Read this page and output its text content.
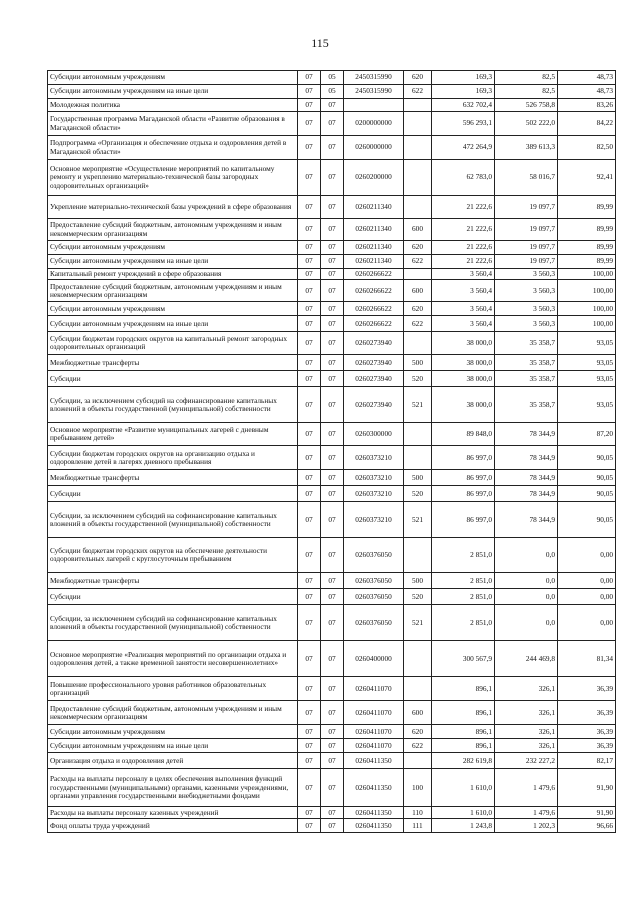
115
Субсидии автономным учреждениям	07	05	2450315990	620	169,3	82,5	48,73
Субсидии автономным учреждениям на иные цели	07	05	2450315990	622	169,3	82,5	48,73
Молодежная политика	07	07			632 702,4	526 758,8	83,26
Государственная программа Магаданской области «Развитие образования в Магаданской области»	07	07	0200000000		596 293,1	502 222,0	84,22
Подпрограмма «Организация и обеспечение отдыха и оздоровления детей в Магаданской области»	07	07	0260000000		472 264,9	389 613,3	82,50
Основное мероприятие «Осуществление мероприятий по капитальному ремонту и укреплению материально-технической базы загородных оздоровительных организаций»	07	07	0260200000		62 783,0	58 016,7	92,41
Укрепление материально-технической базы учреждений в сфере образования	07	07	0260211340		21 222,6	19 097,7	89,99
Предоставление субсидий бюджетным, автономным учреждениям и иным некоммерческим организациям	07	07	0260211340	600	21 222,6	19 097,7	89,99
Субсидии автономным учреждениям	07	07	0260211340	620	21 222,6	19 097,7	89,99
Субсидии автономным учреждениям на иные цели	07	07	0260211340	622	21 222,6	19 097,7	89,99
Капитальный ремонт учреждений в сфере образования	07	07	0260266622		3 560,4	3 560,3	100,00
Предоставление субсидий бюджетным, автономным учреждениям и иным некоммерческим организациям	07	07	0260266622	600	3 560,4	3 560,3	100,00
Субсидии автономным учреждениям	07	07	0260266622	620	3 560,4	3 560,3	100,00
Субсидии автономным учреждениям на иные цели	07	07	0260266622	622	3 560,4	3 560,3	100,00
Субсидии бюджетам городских округов на капитальный ремонт загородных оздоровительных организаций	07	07	0260273940		38 000,0	35 358,7	93,05
Межбюджетные трансферты	07	07	0260273940	500	38 000,0	35 358,7	93,05
Субсидии	07	07	0260273940	520	38 000,0	35 358,7	93,05
Субсидии, за исключением субсидий на софинансирование капитальных вложений в объекты государственной (муниципальной) собственности	07	07	0260273940	521	38 000,0	35 358,7	93,05
Основное мероприятие «Развитие муниципальных лагерей с дневным пребыванием детей»	07	07	0260300000		89 848,0	78 344,9	87,20
Субсидии бюджетам городских округов на организацию отдыха и оздоровление детей в лагерях дневного пребывания	07	07	0260373210		86 997,0	78 344,9	90,05
Межбюджетные трансферты	07	07	0260373210	500	86 997,0	78 344,9	90,05
Субсидии	07	07	0260373210	520	86 997,0	78 344,9	90,05
Субсидии, за исключением субсидий на софинансирование капитальных вложений в объекты государственной (муниципальной) собственности	07	07	0260373210	521	86 997,0	78 344,9	90,05
Субсидии бюджетам городских округов на обеспечение деятельности оздоровительных лагерей с круглосуточным пребыванием	07	07	0260376050		2 851,0	0,0	0,00
Межбюджетные трансферты	07	07	0260376050	500	2 851,0	0,0	0,00
Субсидии	07	07	0260376050	520	2 851,0	0,0	0,00
Субсидии, за исключением субсидий на софинансирование капитальных вложений в объекты государственной (муниципальной) собственности	07	07	0260376050	521	2 851,0	0,0	0,00
Основное мероприятие «Реализация мероприятий по организации отдыха и оздоровления детей, а также временной занятости несовершеннолетних»	07	07	0260400000		300 567,9	244 469,8	81,34
Повышение профессионального уровня работников образовательных организаций	07	07	0260411070		896,1	326,1	36,39
Предоставление субсидий бюджетным, автономным учреждениям и иным некоммерческим организациям	07	07	0260411070	600	896,1	326,1	36,39
Субсидии автономным учреждениям	07	07	0260411070	620	896,1	326,1	36,39
Субсидии автономным учреждениям на иные цели	07	07	0260411070	622	896,1	326,1	36,39
Организация отдыха и оздоровления детей	07	07	0260411350		282 619,8	232 227,2	82,17
Расходы на выплаты персоналу в целях обеспечения выполнения функций государственными (муниципальными) органами, казенными учреждениями, органами управления государственными внебюджетными фондами	07	07	0260411350	100	1 610,0	1 479,6	91,90
Расходы на выплаты персоналу казенных учреждений	07	07	0260411350	110	1 610,0	1 479,6	91,90
Фонд оплаты труда учреждений	07	07	0260411350	111	1 243,8	1 202,3	96,66
